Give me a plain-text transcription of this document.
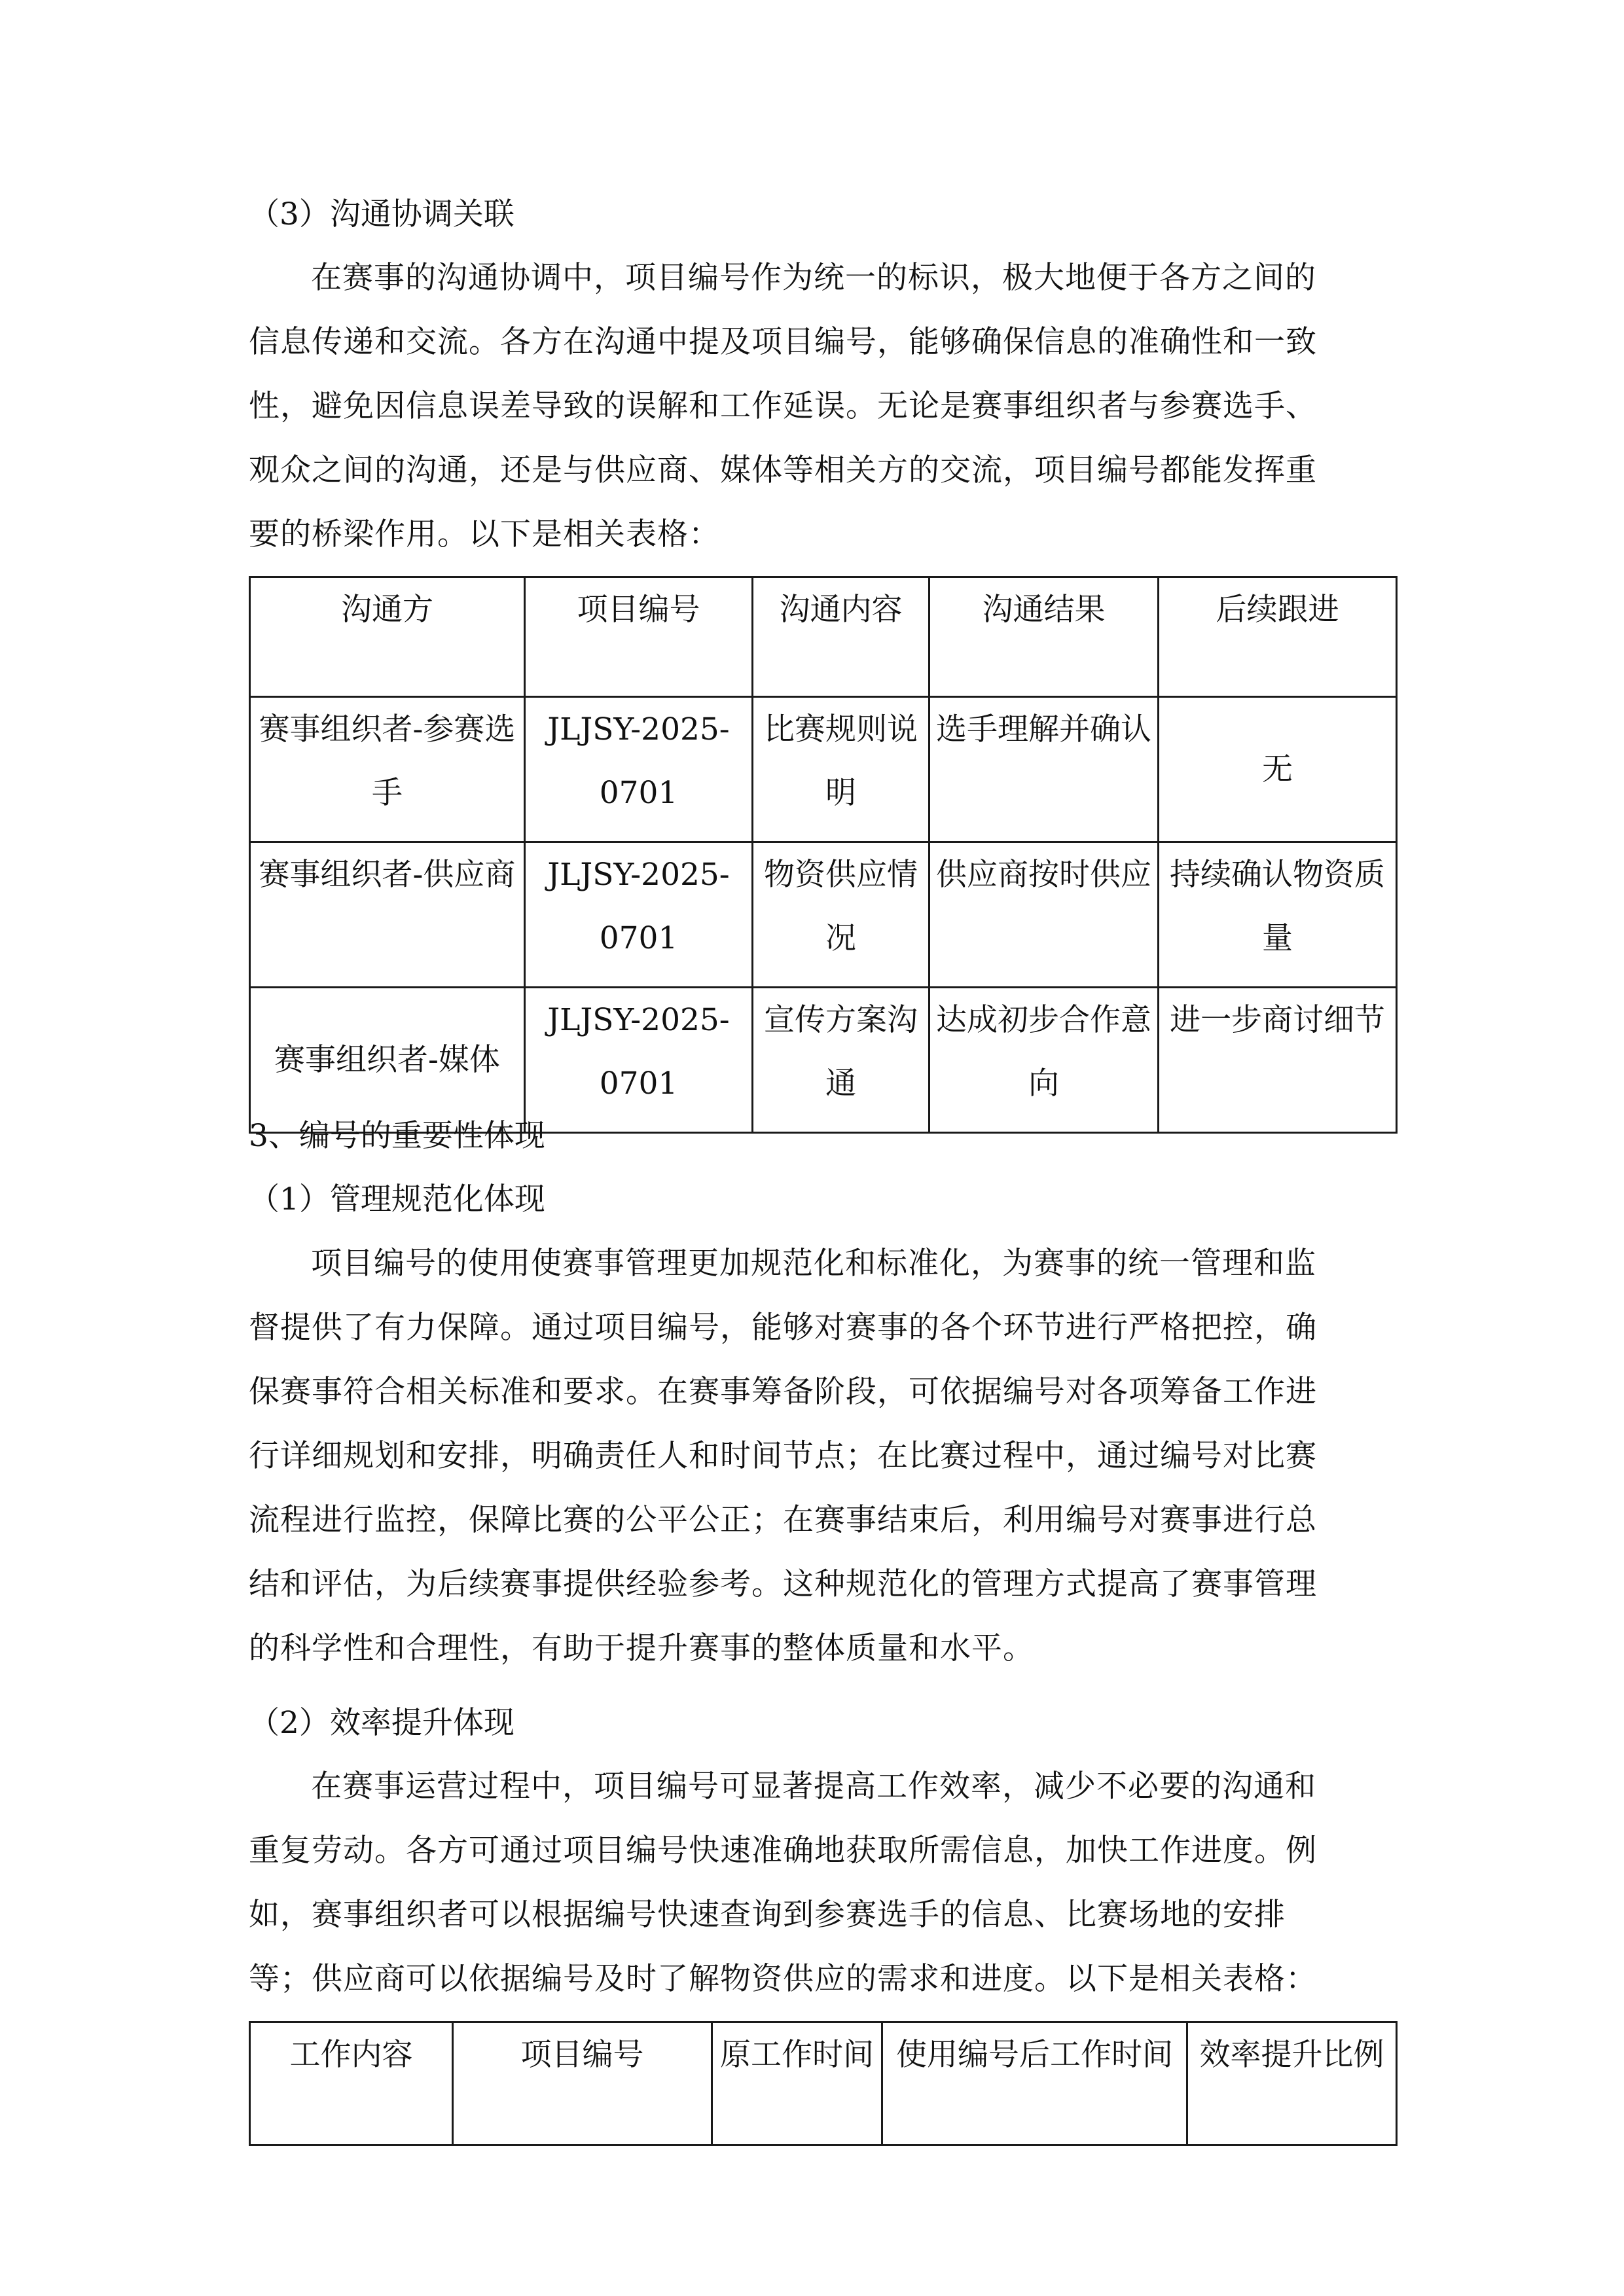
（3）沟通协调关联
在赛事的沟通协调中，项目编号作为统一的标识，极大地便于各方之间的
信息传递和交流。各方在沟通中提及项目编号，能够确保信息的准确性和一致
性，避免因信息误差导致的误解和工作延误。无论是赛事组织者与参赛选手、
观众之间的沟通，还是与供应商、媒体等相关方的交流，项目编号都能发挥重
要的桥梁作用。以下是相关表格：
沟通方	项目编号	沟通内容	沟通结果	后续跟进
赛事组织者-参赛选手	JLJSY-2025-0701	比赛规则说明	选手理解并确认	无
赛事组织者-供应商	JLJSY-2025-0701	物资供应情况	供应商按时供应	持续确认物资质量
赛事组织者-媒体	JLJSY-2025-0701	宣传方案沟通	达成初步合作意向	进一步商讨细节
3、编号的重要性体现
（1）管理规范化体现
项目编号的使用使赛事管理更加规范化和标准化，为赛事的统一管理和监
督提供了有力保障。通过项目编号，能够对赛事的各个环节进行严格把控，确
保赛事符合相关标准和要求。在赛事筹备阶段，可依据编号对各项筹备工作进
行详细规划和安排，明确责任人和时间节点；在比赛过程中，通过编号对比赛
流程进行监控，保障比赛的公平公正；在赛事结束后，利用编号对赛事进行总
结和评估，为后续赛事提供经验参考。这种规范化的管理方式提高了赛事管理
的科学性和合理性，有助于提升赛事的整体质量和水平。
（2）效率提升体现
在赛事运营过程中，项目编号可显著提高工作效率，减少不必要的沟通和
重复劳动。各方可通过项目编号快速准确地获取所需信息，加快工作进度。例
如，赛事组织者可以根据编号快速查询到参赛选手的信息、比赛场地的安排
等；供应商可以依据编号及时了解物资供应的需求和进度。以下是相关表格：
工作内容	项目编号	原工作时间	使用编号后工作时间	效率提升比例
